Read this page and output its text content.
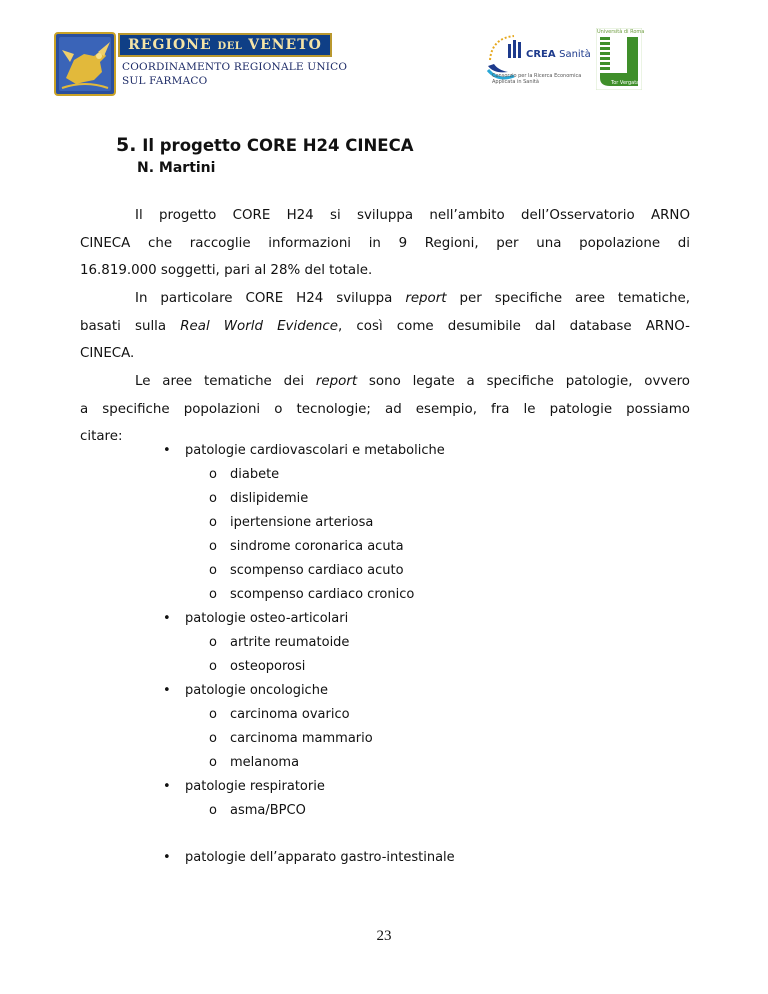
REGIONE DEL VENETO
COORDINAMENTO REGIONALE UNICO
SUL FARMACO
CREA Sanità
Consorzio per la Ricerca Economica
Applicata in Sanità
Università di Roma
Tor Vergata
5. Il progetto CORE H24 CINECA
N. Martini
Il progetto CORE H24 si sviluppa nell’ambito dell’Osservatorio ARNO
CINECA che raccoglie informazioni in 9 Regioni, per una popolazione di
16.819.000 soggetti, pari al 28% del totale.
In particolare CORE H24 sviluppa report per specifiche aree tematiche,
basati sulla Real World Evidence, così come desumibile dal database ARNO-
CINECA.
Le aree tematiche dei report sono legate a specifiche patologie, ovvero
a specifiche popolazioni o tecnologie; ad esempio, fra le patologie possiamo
citare:
• patologie cardiovascolari e metaboliche
o diabete
o dislipidemie
o ipertensione arteriosa
o sindrome coronarica acuta
o scompenso cardiaco acuto
o scompenso cardiaco cronico
• patologie osteo-articolari
o artrite reumatoide
o osteoporosi
• patologie oncologiche
o carcinoma ovarico
o carcinoma mammario
o melanoma
• patologie respiratorie
o asma/BPCO
• patologie dell’apparato gastro-intestinale
23
